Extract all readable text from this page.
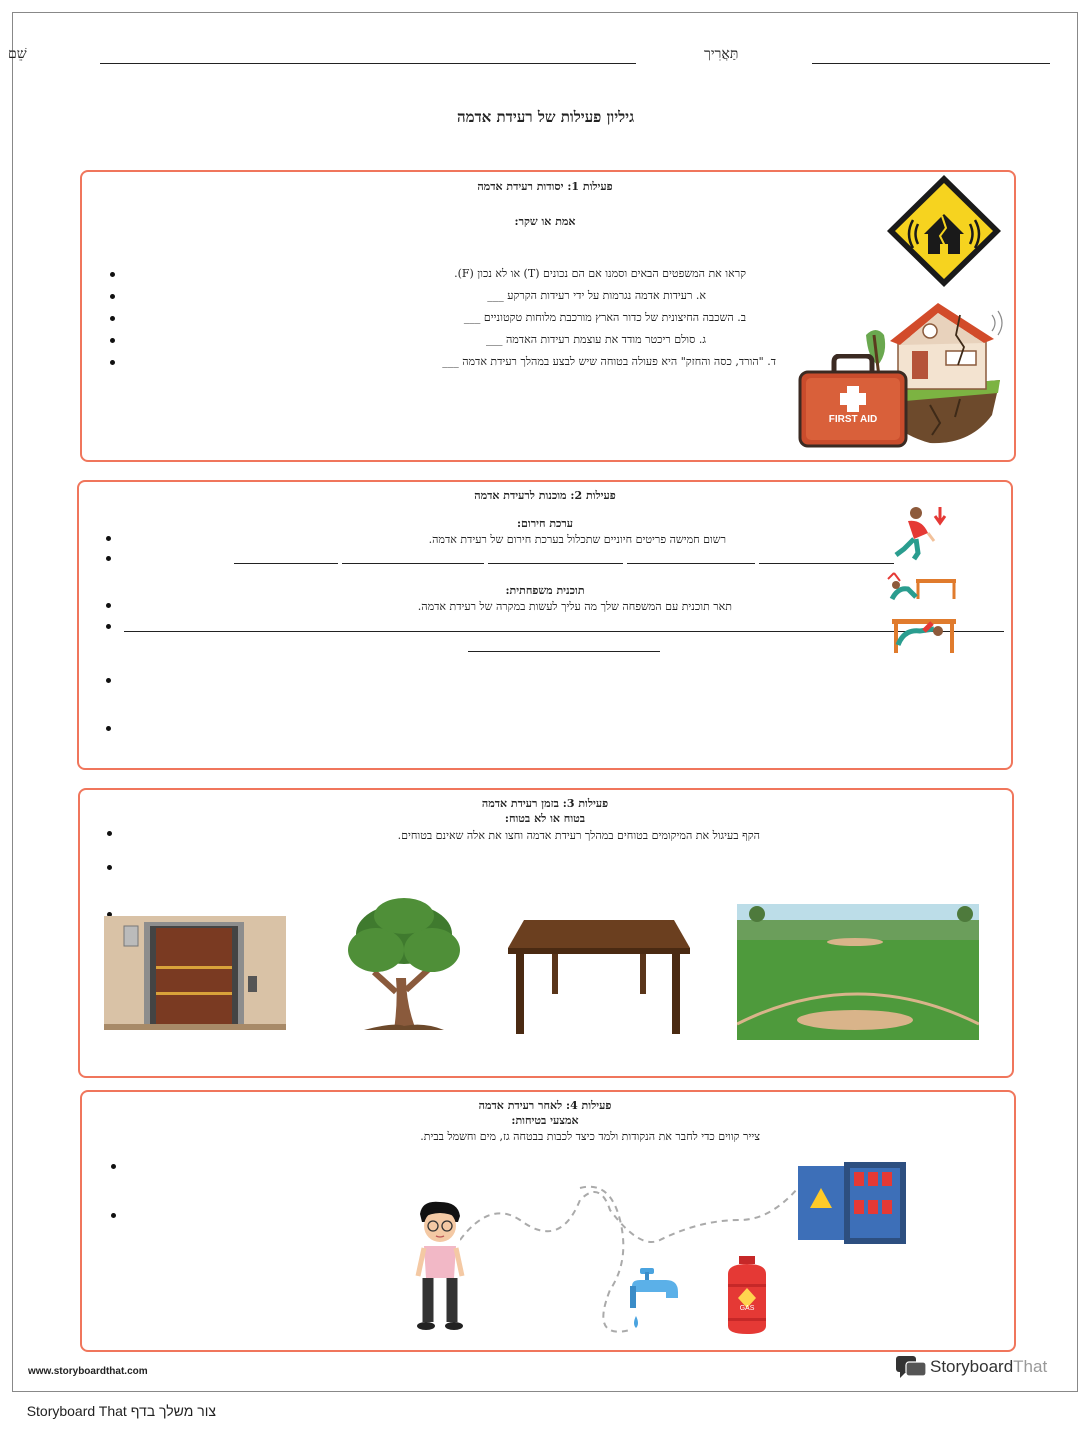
שֵׁם	תַּאֲרִיך
גיליון פעילות של רעידת אדמה
פעילות 1: יסודות רעידת אדמה
אמת או שקר:
קראו את המשפטים הבאים וסמנו אם הם נכונים (T) או לא נכון (F).
א. רעידות אדמה נגרמות על ידי רעידות הקרקע ___
ב. השכבה החיצונית של כדור הארץ מורכבת מלוחות טקטוניים ___
ג. סולם ריכטר מודד את עוצמת רעידות האדמה ___
ד. "הורד, כסה והחזק" היא פעולה בטוחה שיש לבצע במהלך רעידת אדמה ___
FIRST AID
פעילות 2: מוכנות לרעידת אדמה
ערכת חירום:
רשום חמישה פריטים חיוניים שתכלול בערכת חירום של רעידת אדמה.
תוכנית משפחתית:
תאר תוכנית עם המשפחה שלך מה עליך לעשות במקרה של רעידת אדמה.
פעילות 3: בזמן רעידת אדמה
בטוח או לא בטוח:
הקף בעיגול את המיקומים בטוחים במהלך רעידת אדמה וחצו את אלה שאינם בטוחים.
פעילות 4: לאחר רעידת אדמה
אמצעי בטיחות:
צייר קווים כדי לחבר את הנקודות ולמד כיצד לכבות בבטחה גז, מים וחשמל בבית.
GAS
www.storyboardthat.com	StoryboardThat
צור משלך בדף Storyboard That
